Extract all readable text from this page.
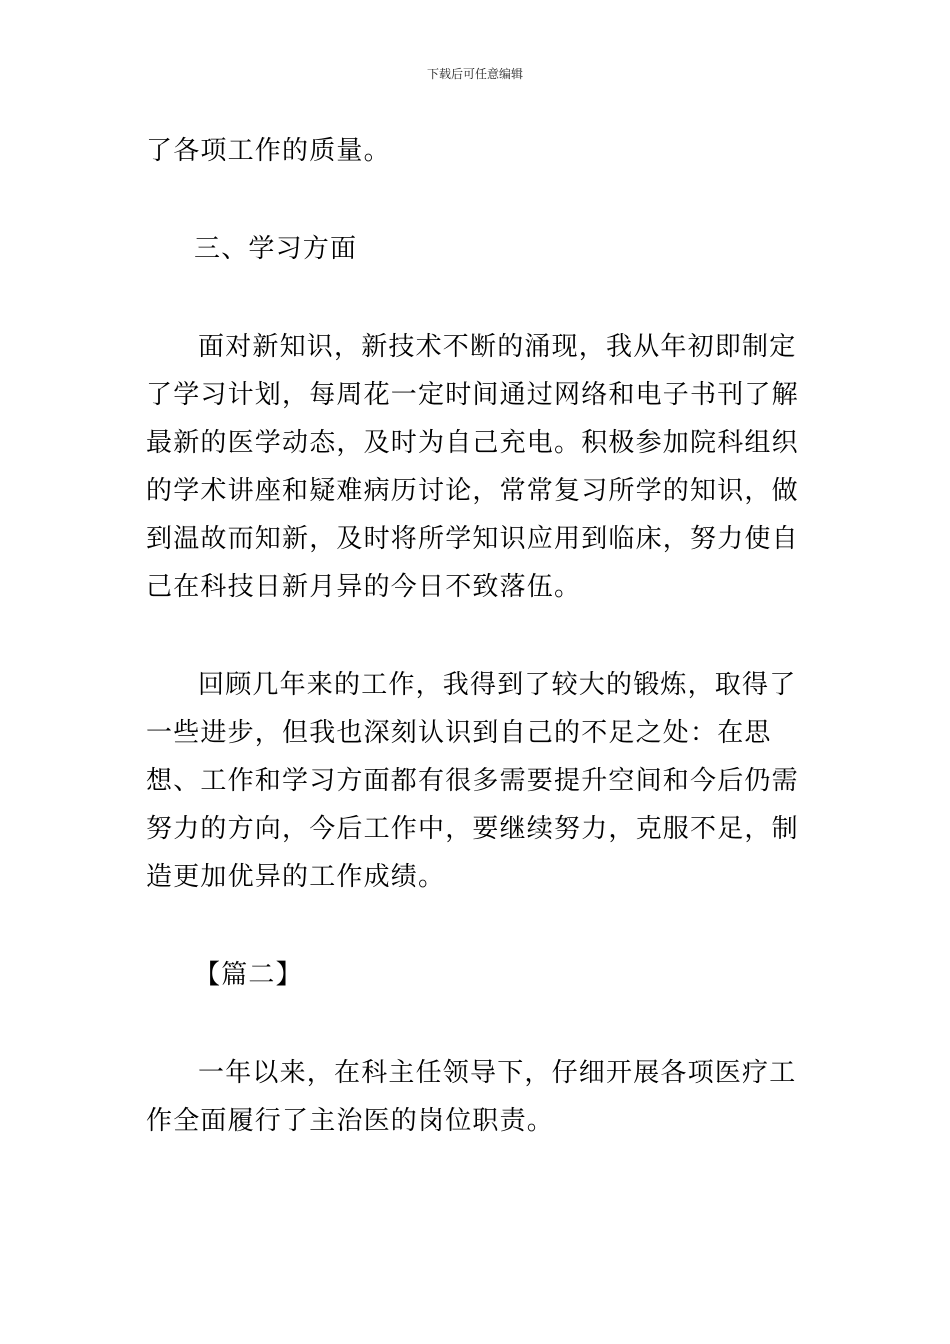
下载后可任意编辑

了各项工作的质量。

三、学习方面

面对新知识，新技术不断的涌现，我从年初即制定了学习计划，每周花一定时间通过网络和电子书刊了解最新的医学动态，及时为自己充电。积极参加院科组织的学术讲座和疑难病历讨论，常常复习所学的知识，做到温故而知新，及时将所学知识应用到临床，努力使自己在科技日新月异的今日不致落伍。

回顾几年来的工作，我得到了较大的锻炼，取得了一些进步，但我也深刻认识到自己的不足之处：在思想、工作和学习方面都有很多需要提升空间和今后仍需努力的方向，今后工作中，要继续努力，克服不足，制造更加优异的工作成绩。

【篇二】

一年以来，在科主任领导下，仔细开展各项医疗工作全面履行了主治医的岗位职责。
